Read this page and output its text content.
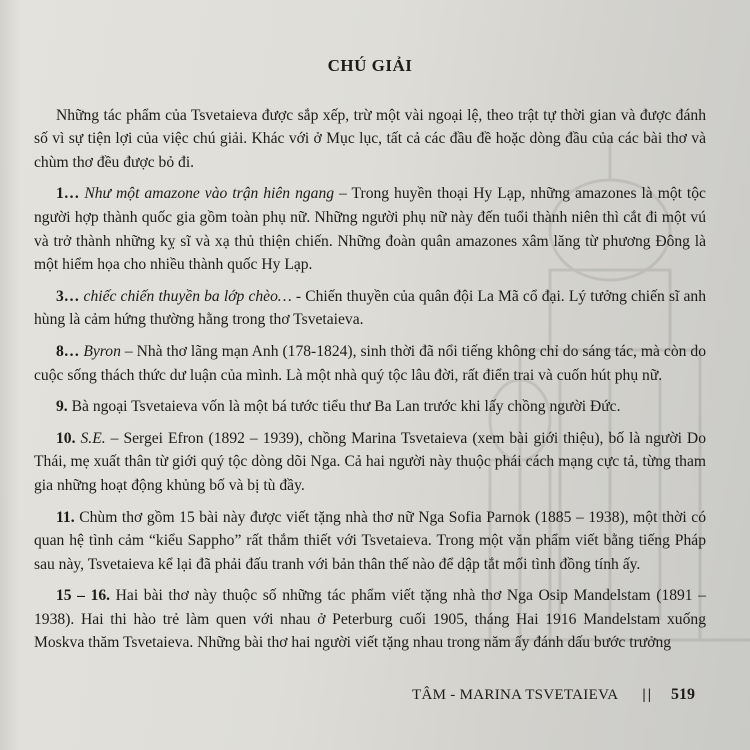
CHÚ GIẢI

Những tác phẩm của Tsvetaieva được sắp xếp, trừ một vài ngoại lệ, theo trật tự thời gian và được đánh số vì sự tiện lợi của việc chú giải. Khác với ở Mục lục, tất cả các đầu đề hoặc dòng đầu của các bài thơ và chùm thơ đều được bỏ đi.

1… Như một amazone vào trận hiên ngang – Trong huyền thoại Hy Lạp, những amazones là một tộc người hợp thành quốc gia gồm toàn phụ nữ. Những người phụ nữ này đến tuổi thành niên thì cắt đi một vú và trở thành những kỵ sĩ và xạ thủ thiện chiến. Những đoàn quân amazones xâm lăng từ phương Đông là một hiểm họa cho nhiều thành quốc Hy Lạp.

3… chiếc chiến thuyền ba lớp chèo… - Chiến thuyền của quân đội La Mã cổ đại. Lý tưởng chiến sĩ anh hùng là cảm hứng thường hằng trong thơ Tsvetaieva.

8… Byron – Nhà thơ lãng mạn Anh (178-1824), sinh thời đã nổi tiếng không chỉ do sáng tác, mà còn do cuộc sống thách thức dư luận của mình. Là một nhà quý tộc lâu đời, rất điển trai và cuốn hút phụ nữ.

9. Bà ngoại Tsvetaieva vốn là một bá tước tiểu thư Ba Lan trước khi lấy chồng người Đức.

10. S.E. – Sergei Efron (1892 – 1939), chồng Marina Tsvetaieva (xem bài giới thiệu), bố là người Do Thái, mẹ xuất thân từ giới quý tộc dòng dõi Nga. Cả hai người này thuộc phái cách mạng cực tả, từng tham gia những hoạt động khủng bố và bị tù đầy.

11. Chùm thơ gồm 15 bài này được viết tặng nhà thơ nữ Nga Sofia Parnok (1885 – 1938), một thời có quan hệ tình cảm “kiểu Sappho” rất thắm thiết với Tsvetaieva. Trong một văn phẩm viết bằng tiếng Pháp sau này, Tsvetaieva kể lại đã phải đấu tranh với bản thân thế nào để dập tắt mối tình đồng tính ấy.

15 – 16. Hai bài thơ này thuộc số những tác phẩm viết tặng nhà thơ Nga Osip Mandelstam (1891 – 1938). Hai thi hào trẻ làm quen với nhau ở Peterburg cuối 1905, tháng Hai 1916 Mandelstam xuống Moskva thăm Tsvetaieva. Những bài thơ hai người viết tặng nhau trong năm ấy đánh dấu bước trưởng

TÂM - MARINA TSVETAIEVA || 519
